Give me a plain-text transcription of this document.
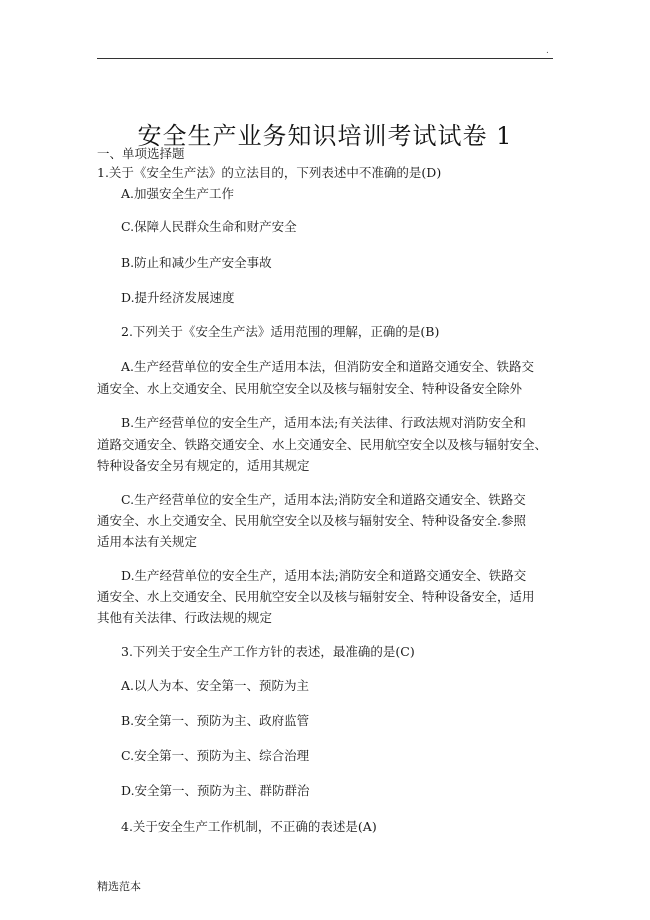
.
安全生产业务知识培训考试试卷 1
一、单项选择题
1.关于《安全生产法》的立法目的，下列表述中不准确的是(D)
A.加强安全生产工作
C.保障人民群众生命和财产安全
B.防止和减少生产安全事故
D.提升经济发展速度
2.下列关于《安全生产法》适用范围的理解，正确的是(B)
A.生产经营单位的安全生产适用本法，但消防安全和道路交通安全、铁路交
通安全、水上交通安全、民用航空安全以及核与辐射安全、特种设备安全除外
B.生产经营单位的安全生产，适用本法;有关法律、行政法规对消防安全和
道路交通安全、铁路交通安全、水上交通安全、民用航空安全以及核与辐射安全、
特种设备安全另有规定的，适用其规定
C.生产经营单位的安全生产，适用本法;消防安全和道路交通安全、铁路交
通安全、水上交通安全、民用航空安全以及核与辐射安全、特种设备安全.参照
适用本法有关规定
D.生产经营单位的安全生产，适用本法;消防安全和道路交通安全、铁路交
通安全、水上交通安全、民用航空安全以及核与辐射安全、特种设备安全，适用
其他有关法律、行政法规的规定
3.下列关于安全生产工作方针的表述，最准确的是(C)
A.以人为本、安全第一、预防为主
B.安全第一、预防为主、政府监管
C.安全第一、预防为主、综合治理
D.安全第一、预防为主、群防群治
4.关于安全生产工作机制，不正确的表述是(A)
精选范本
